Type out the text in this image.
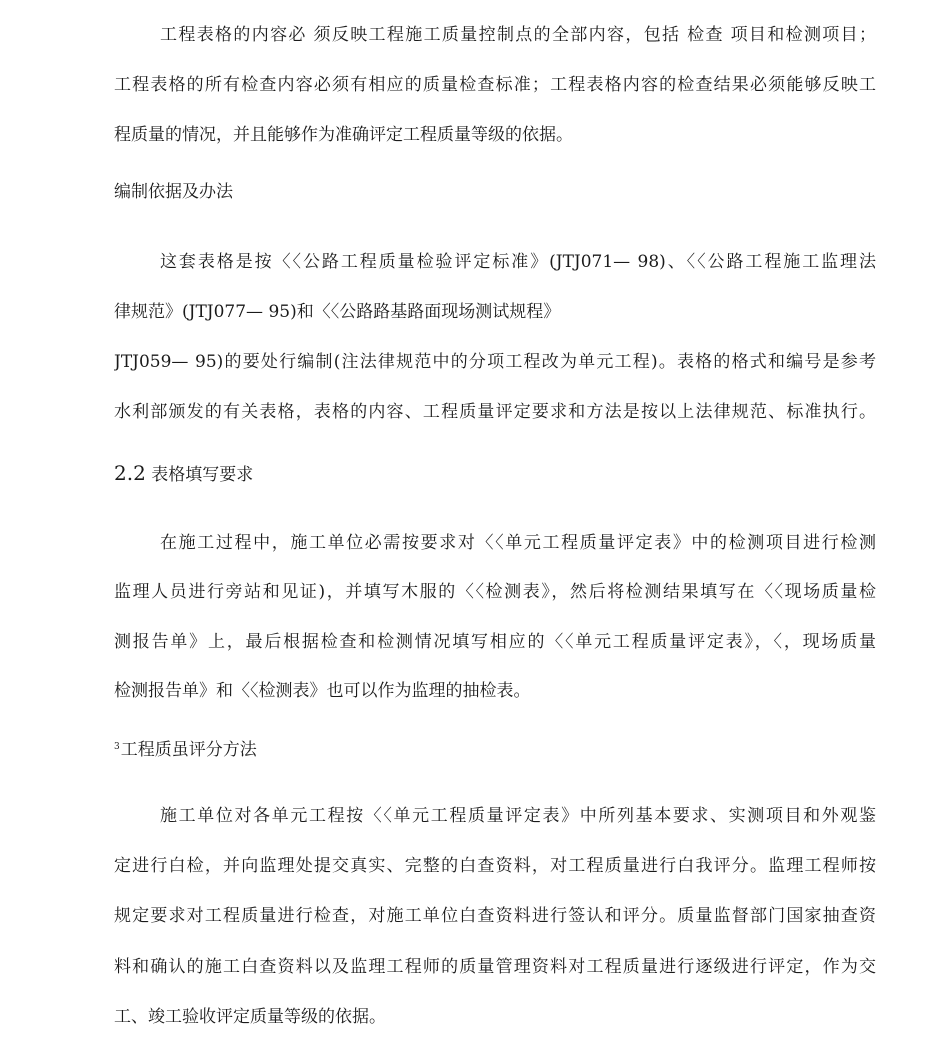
工程表格的内容必 须反映工程施工质量控制点的全部内容，包括 检查 项目和检测项目；
工程表格的所有检查内容必须有相应的质量检查标准；工程表格内容的检查结果必须能够反映工
程质量的情况，并且能够作为准确评定工程质量等级的依据。
编制依据及办法
这套表格是按〈〈公路工程质量检验评定标准》(JTJ071— 98)、〈〈公路工程施工监理法
律规范》(JTJ077— 95)和〈〈公路路基路面现场测试规程》
JTJ059— 95)的要处行编制(注法律规范中的分项工程改为单元工程)。表格的格式和编号是参考
水利部颁发的有关表格，表格的内容、工程质量评定要求和方法是按以上法律规范、标准执行。
2.2 表格填写要求
在施工过程中，施工单位必需按要求对〈〈单元工程质量评定表》中的检测项目进行检测
监理人员进行旁站和见证)，并填写木服的〈〈检测表》，然后将检测结果填写在〈〈现场质量检
测报告单》上，最后根据检查和检测情况填写相应的〈〈单元工程质量评定表》，〈，现场质量
检测报告单》和〈〈检测表》也可以作为监理的抽检表。
$^3$工程质虽评分方法
施工单位对各单元工程按〈〈单元工程质量评定表》中所列基本要求、实测项目和外观鉴
定进行白检，并向监理处提交真实、完整的白查资料，对工程质量进行白我评分。监理工程师按
规定要求对工程质量进行检查，对施工单位白查资料进行签认和评分。质量监督部门国家抽查资
料和确认的施工白查资料以及监理工程师的质量管理资料对工程质量进行逐级进行评定，作为交
工、竣工验收评定质量等级的依据。
